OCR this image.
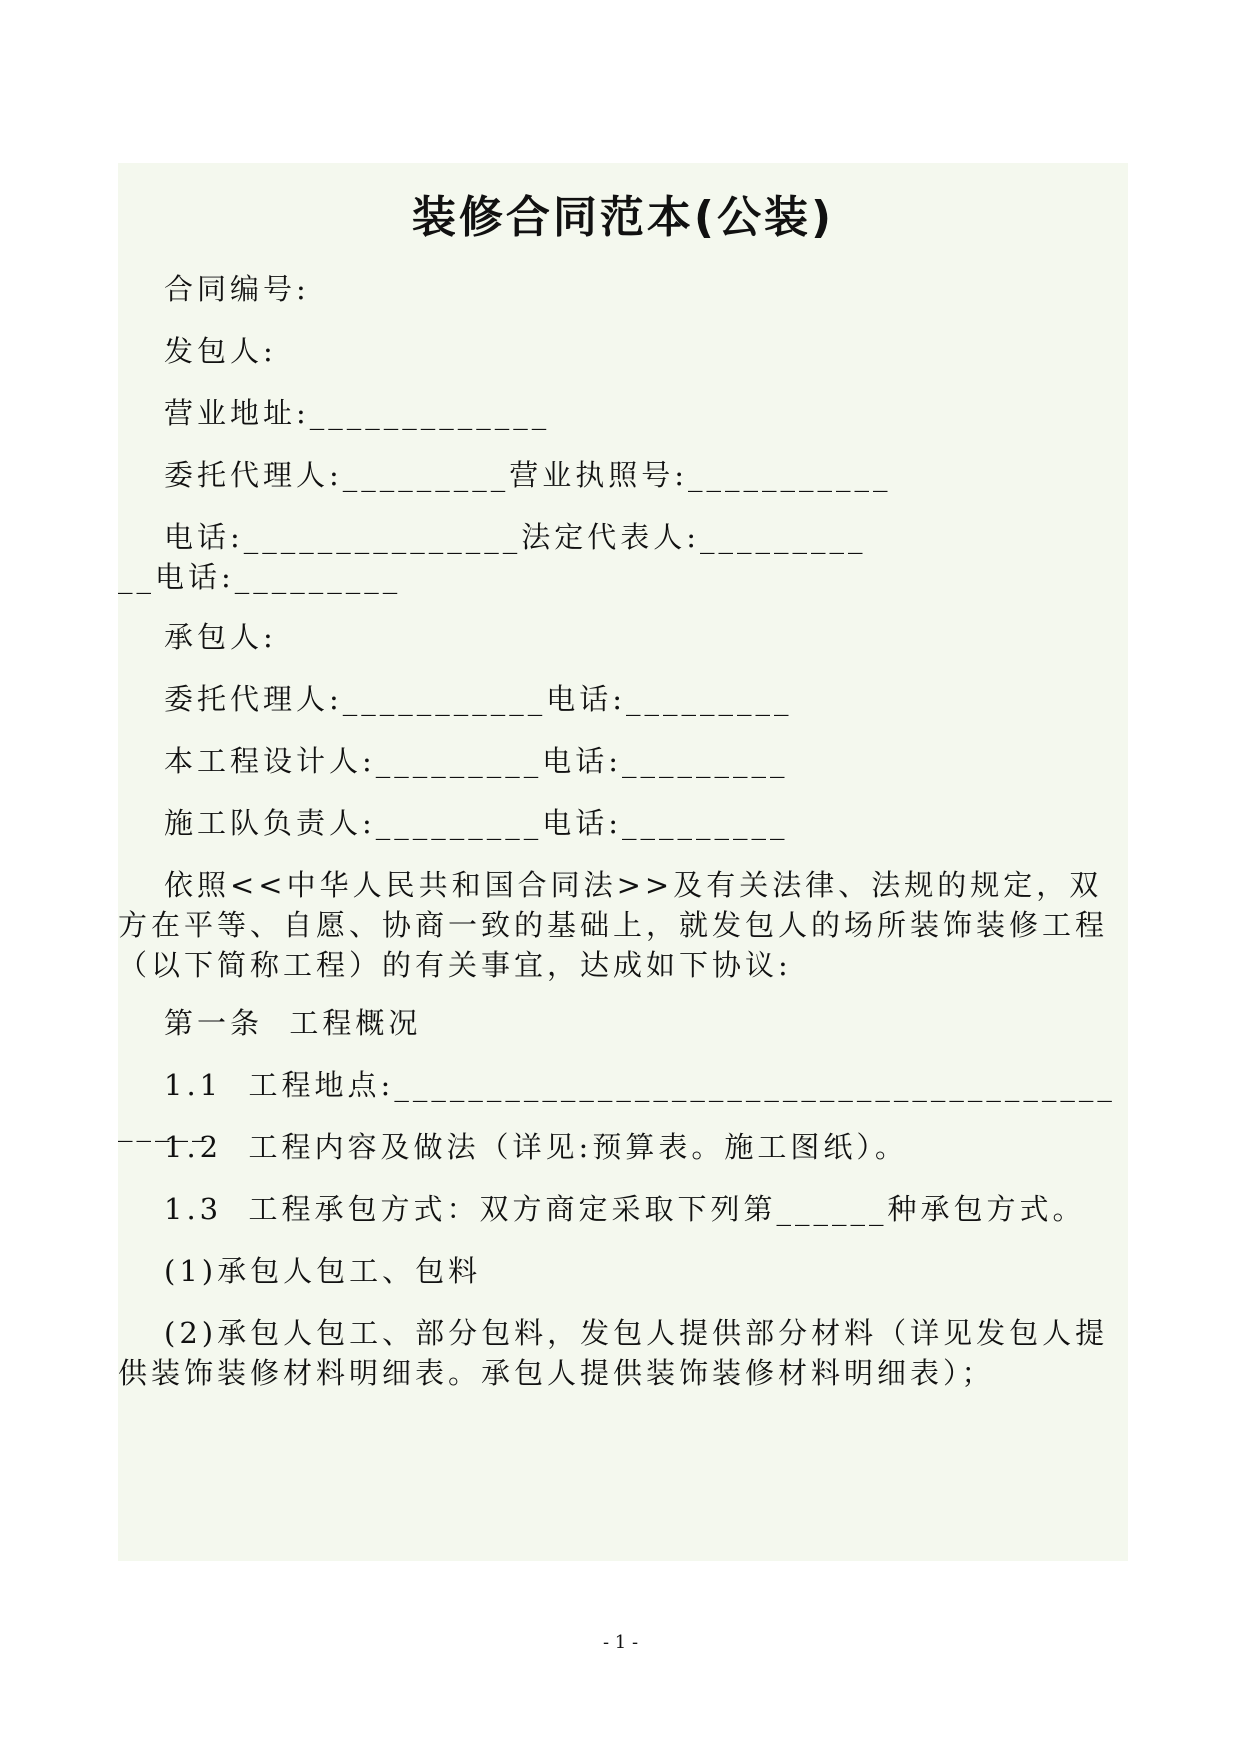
装修合同范本(公装)

合同编号:

发包人:

营业地址:_____________

委托代理人:_________营业执照号:___________

电话:_______________法定代表人:___________电话:_________

承包人:

委托代理人:___________电话:_________

本工程设计人:_________电话:_________

施工队负责人:_________电话:_________

依照<<中华人民共和国合同法>>及有关法律、法规的规定，双方在平等、自愿、协商一致的基础上，就发包人的场所装饰装修工程（以下简称工程）的有关事宜，达成如下协议:

第一条  工程概况

1.1  工程地点:____________________________________________

1.2  工程内容及做法（详见:预算表。施工图纸）。

1.3  工程承包方式：双方商定采取下列第______种承包方式。

(1)承包人包工、包料

(2)承包人包工、部分包料，发包人提供部分材料（详见发包人提供装饰装修材料明细表。承包人提供装饰装修材料明细表）；

- 1 -
